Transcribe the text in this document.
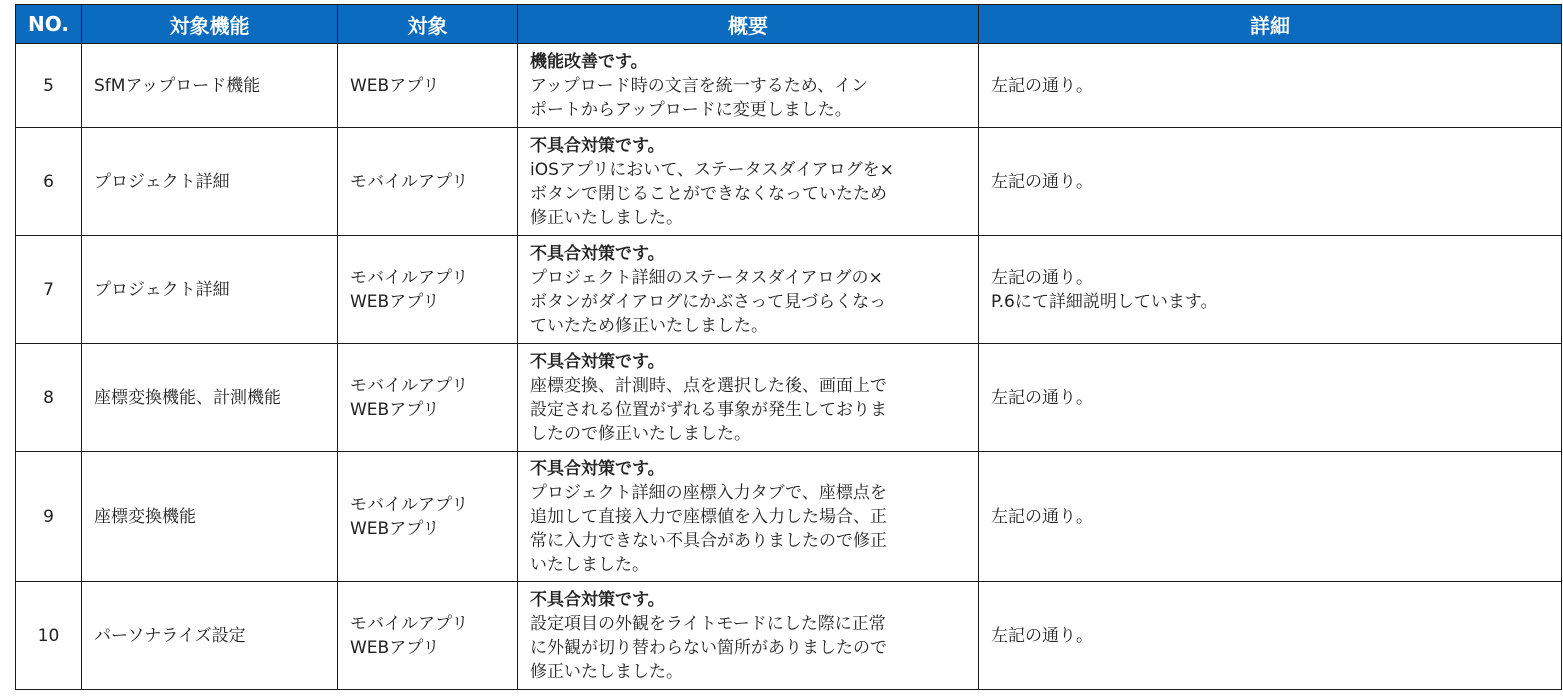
NO.	対象機能	対象	概要	詳細
5	SfMアップロード機能	WEBアプリ	機能改善です。
アップロード時の文言を統一するため、イン
ポートからアップロードに変更しました。	左記の通り。

6	プロジェクト詳細	モバイルアプリ	不具合対策です。
iOSアプリにおいて、ステータスダイアログを×
ボタンで閉じることができなくなっていたため
修正いたしました。	左記の通り。

7	プロジェクト詳細	モバイルアプリ
WEBアプリ	不具合対策です。
プロジェクト詳細のステータスダイアログの×
ボタンがダイアログにかぶさって見づらくなっ
ていたため修正いたしました。	左記の通り。
P.6にて詳細説明しています。

8	座標変換機能、計測機能	モバイルアプリ
WEBアプリ	不具合対策です。
座標変換、計測時、点を選択した後、画面上で
設定される位置がずれる事象が発生しておりま
したので修正いたしました。	左記の通り。

9	座標変換機能	モバイルアプリ
WEBアプリ	不具合対策です。
プロジェクト詳細の座標入力タブで、座標点を
追加して直接入力で座標値を入力した場合、正
常に入力できない不具合がありましたので修正
いたしました。	左記の通り。

10	パーソナライズ設定	モバイルアプリ
WEBアプリ	不具合対策です。
設定項目の外観をライトモードにした際に正常
に外観が切り替わらない箇所がありましたので
修正いたしました。	左記の通り。
